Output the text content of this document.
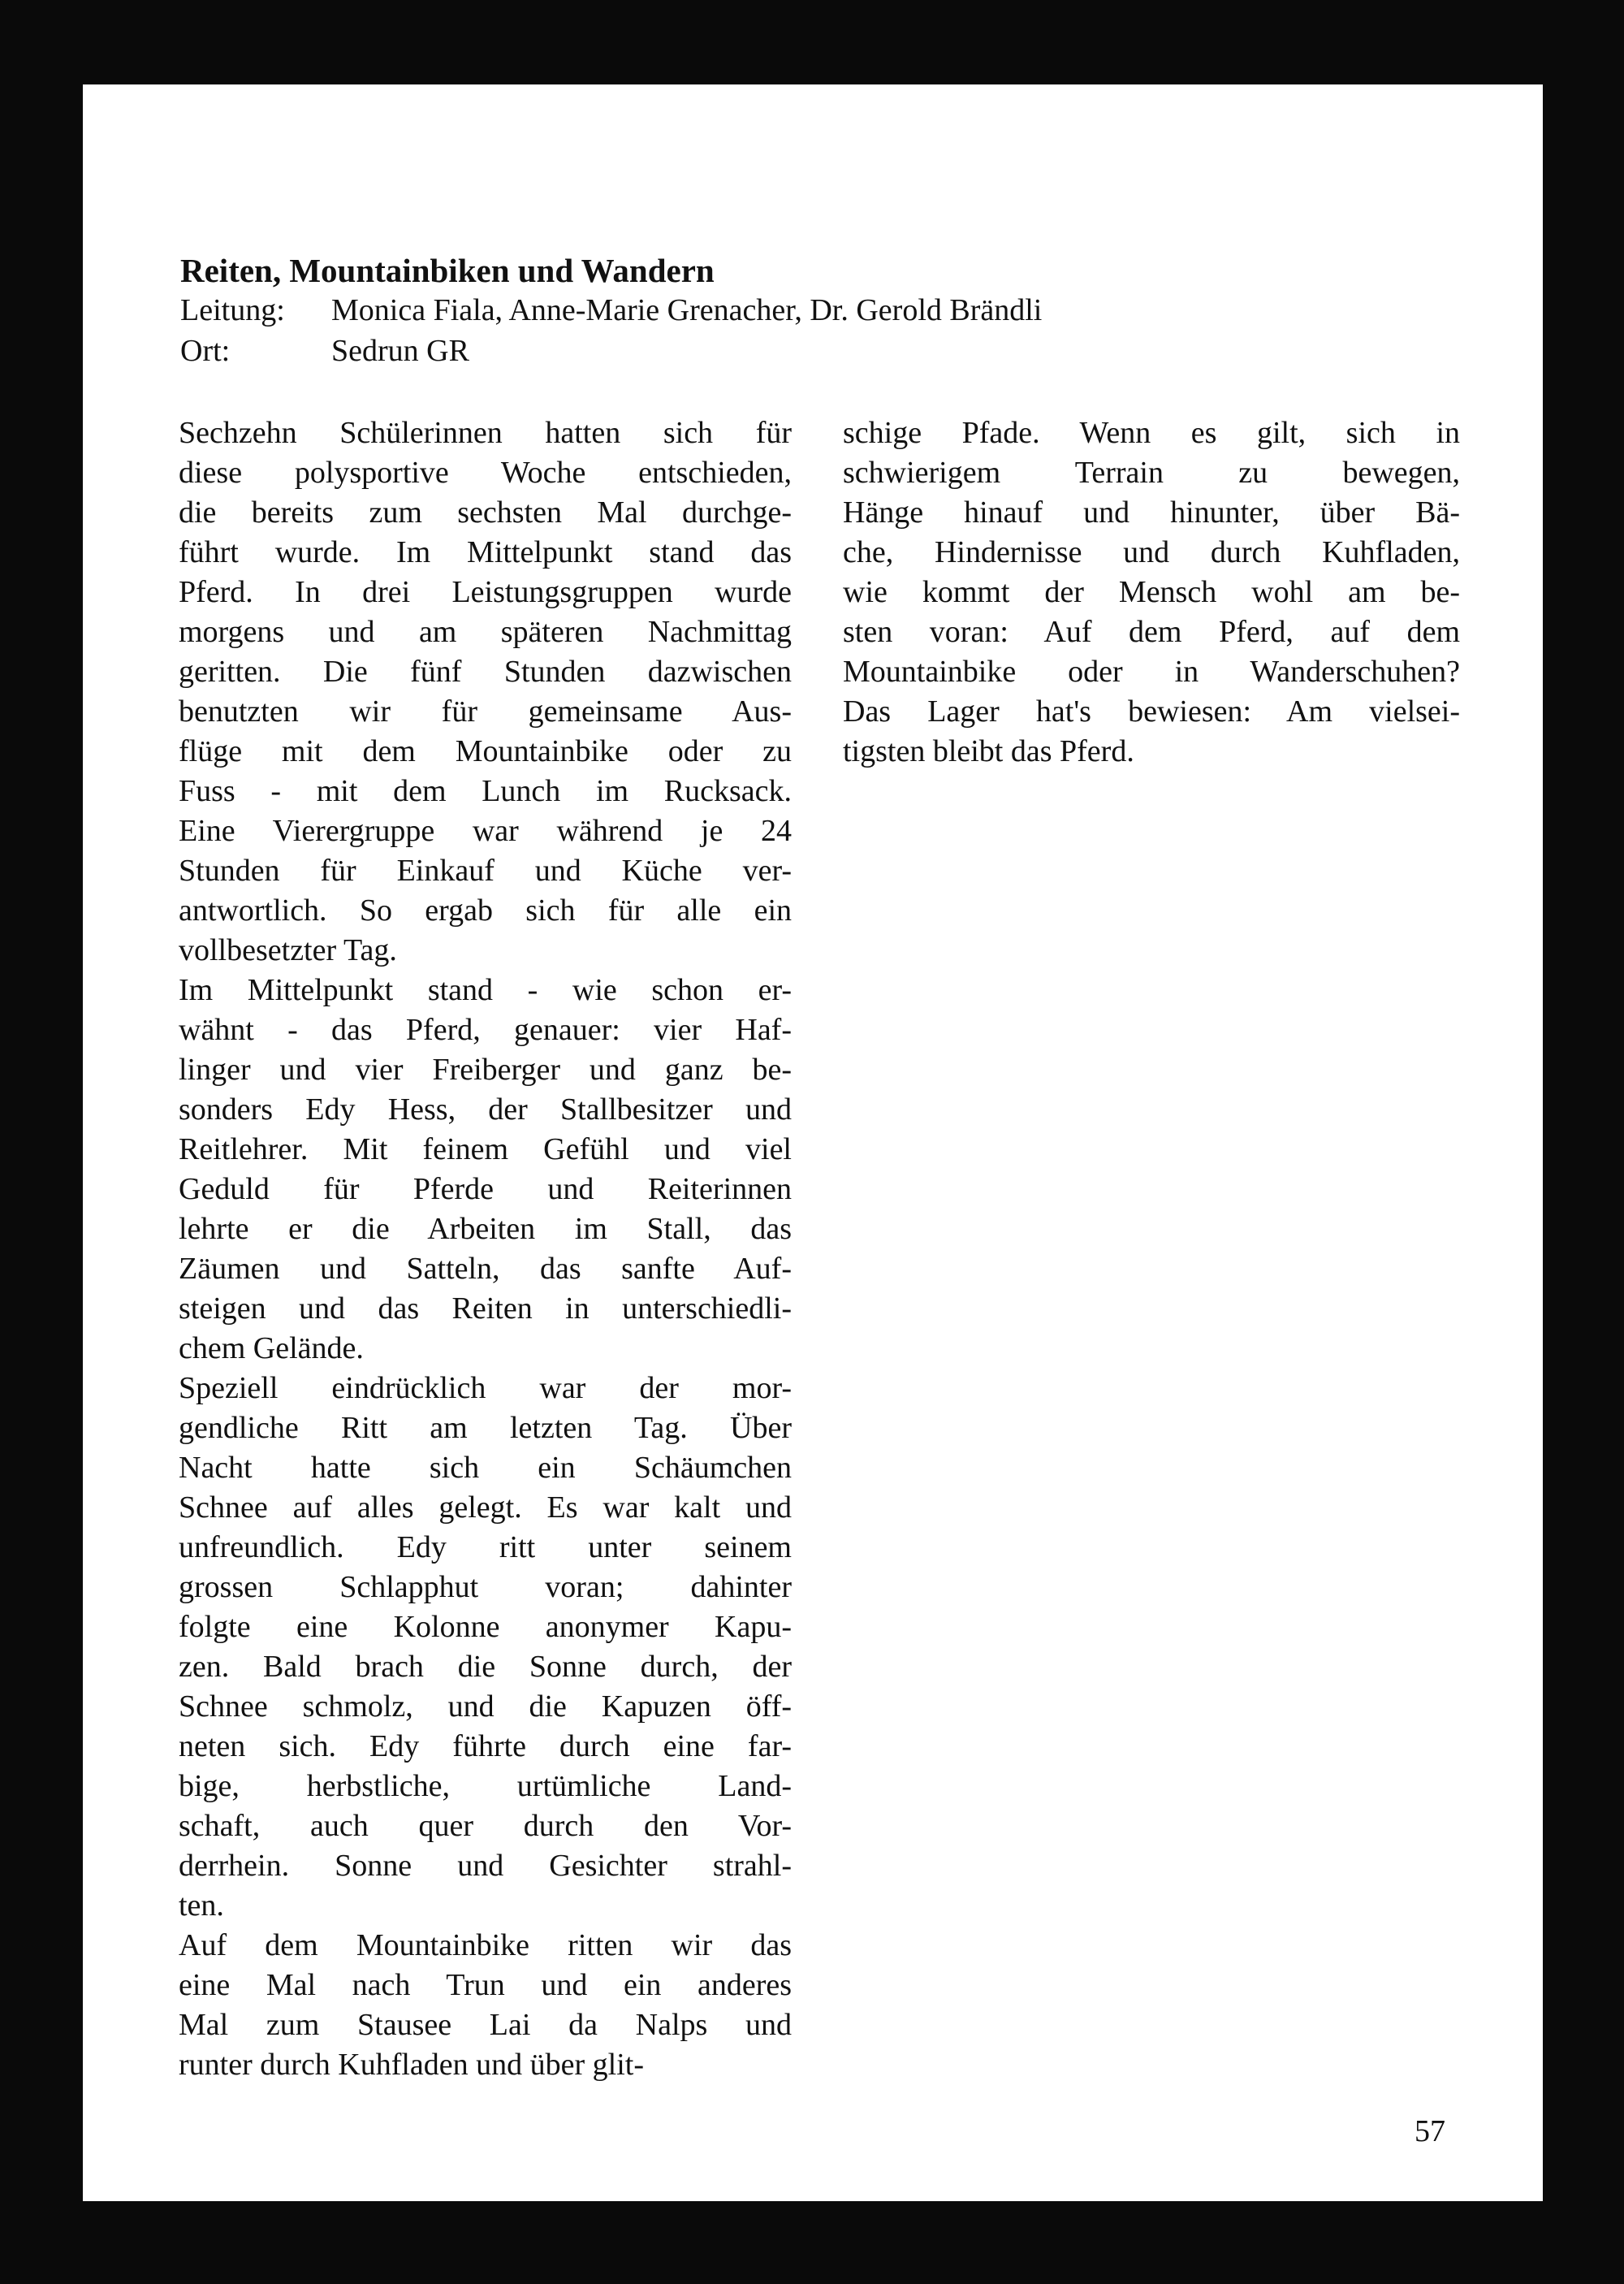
Reiten, Mountainbiken und Wandern
Leitung:	Monica Fiala, Anne-Marie Grenacher, Dr. Gerold Brändli
Ort:	Sedrun GR
Sechzehn Schülerinnen hatten sich für
diese polysportive Woche entschieden,
die bereits zum sechsten Mal durchge-
führt wurde. Im Mittelpunkt stand das
Pferd. In drei Leistungsgruppen wurde
morgens und am späteren Nachmittag
geritten. Die fünf Stunden dazwischen
benutzten wir für gemeinsame Aus-
flüge mit dem Mountainbike oder zu
Fuss - mit dem Lunch im Rucksack.
Eine Vierergruppe war während je 24
Stunden für Einkauf und Küche ver-
antwortlich. So ergab sich für alle ein
vollbesetzter Tag.
Im Mittelpunkt stand - wie schon er-
wähnt - das Pferd, genauer: vier Haf-
linger und vier Freiberger und ganz be-
sonders Edy Hess, der Stallbesitzer und
Reitlehrer. Mit feinem Gefühl und viel
Geduld für Pferde und Reiterinnen
lehrte er die Arbeiten im Stall, das
Zäumen und Satteln, das sanfte Auf-
steigen und das Reiten in unterschiedli-
chem Gelände.
Speziell eindrücklich war der mor-
gendliche Ritt am letzten Tag. Über
Nacht hatte sich ein Schäumchen
Schnee auf alles gelegt. Es war kalt und
unfreundlich. Edy ritt unter seinem
grossen Schlapphut voran; dahinter
folgte eine Kolonne anonymer Kapu-
zen. Bald brach die Sonne durch, der
Schnee schmolz, und die Kapuzen öff-
neten sich. Edy führte durch eine far-
bige, herbstliche, urtümliche Land-
schaft, auch quer durch den Vor-
derrhein. Sonne und Gesichter strahl-
ten.
Auf dem Mountainbike ritten wir das
eine Mal nach Trun und ein anderes
Mal zum Stausee Lai da Nalps und
runter durch Kuhfladen und über glit-
schige Pfade. Wenn es gilt, sich in
schwierigem Terrain zu bewegen,
Hänge hinauf und hinunter, über Bä-
che, Hindernisse und durch Kuhfladen,
wie kommt der Mensch wohl am be-
sten voran: Auf dem Pferd, auf dem
Mountainbike oder in Wanderschuhen?
Das Lager hat's bewiesen: Am vielsei-
tigsten bleibt das Pferd.
57
